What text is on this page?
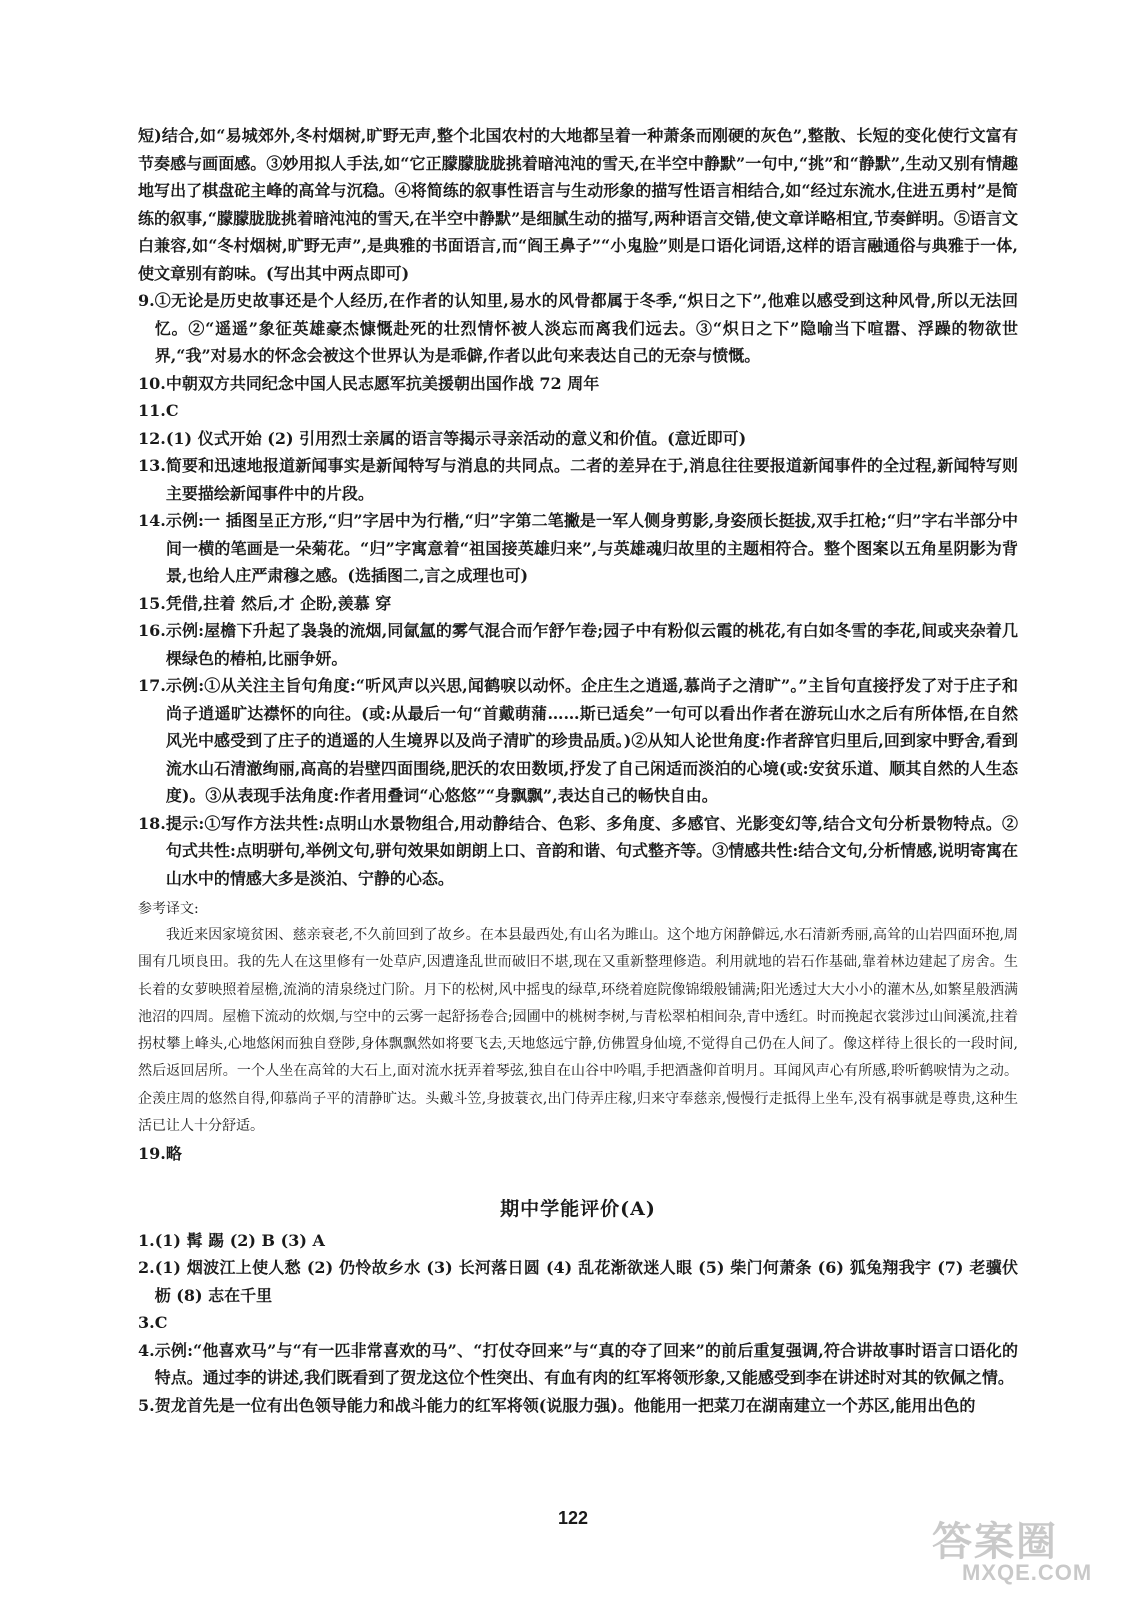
短)结合,如“易城郊外,冬村烟树,旷野无声,整个北国农村的大地都呈着一种萧条而刚硬的灰色”,整散、长短的变化使行文富有节奏感与画面感。③妙用拟人手法,如“它正朦朦胧胧挑着暗沌沌的雪天,在半空中静默”一句中,“挑”和“静默”,生动又别有情趣地写出了棋盘砣主峰的高耸与沉稳。④将简练的叙事性语言与生动形象的描写性语言相结合,如“经过东流水,住进五勇村”是简练的叙事,“朦朦胧胧挑着暗沌沌的雪天,在半空中静默”是细腻生动的描写,两种语言交错,使文章详略相宜,节奏鲜明。⑤语言文白兼容,如“冬村烟树,旷野无声”,是典雅的书面语言,而“阎王鼻子”“小鬼脸”则是口语化词语,这样的语言融通俗与典雅于一体,使文章别有韵味。(写出其中两点即可)

9. ①无论是历史故事还是个人经历,在作者的认知里,易水的风骨都属于冬季,“炽日之下”,他难以感受到这种风骨,所以无法回忆。②“遥遥”象征英雄豪杰慷慨赴死的壮烈情怀被人淡忘而离我们远去。③“炽日之下”隐喻当下喧嚣、浮躁的物欲世界,“我”对易水的怀念会被这个世界认为是乖僻,作者以此句来表达自己的无奈与愤慨。
10. 中朝双方共同纪念中国人民志愿军抗美援朝出国作战 72 周年
11. C
12. (1) 仪式开始 (2) 引用烈士亲属的语言等揭示寻亲活动的意义和价值。(意近即可)
13. 简要和迅速地报道新闻事实是新闻特写与消息的共同点。二者的差异在于,消息往往要报道新闻事件的全过程,新闻特写则主要描绘新闻事件中的片段。
14. 示例:一 插图呈正方形,“归”字居中为行楷,“归”字第二笔撇是一军人侧身剪影,身姿颀长挺拔,双手扛枪;“归”字右半部分中间一横的笔画是一朵菊花。“归”字寓意着“祖国接英雄归来”,与英雄魂归故里的主题相符合。整个图案以五角星阴影为背景,也给人庄严肃穆之感。(选插图二,言之成理也可)
15. 凭借,拄着 然后,才 企盼,羡慕 穿
16. 示例:屋檐下升起了袅袅的流烟,同氤氲的雾气混合而乍舒乍卷;园子中有粉似云霞的桃花,有白如冬雪的李花,间或夹杂着几棵绿色的椿柏,比丽争妍。
17. 示例:①从关注主旨句角度:“听风声以兴思,闻鹤唳以动怀。企庄生之逍遥,慕尚子之清旷”。”主旨句直接抒发了对于庄子和尚子逍遥旷达襟怀的向往。(或:从最后一句“首戴萌蒲……斯已适矣”一句可以看出作者在游玩山水之后有所体悟,在自然风光中感受到了庄子的逍遥的人生境界以及尚子清旷的珍贵品质。)②从知人论世角度:作者辞官归里后,回到家中野舍,看到流水山石清澈绚丽,高高的岩壁四面围绕,肥沃的农田数顷,抒发了自己闲适而淡泊的心境(或:安贫乐道、顺其自然的人生态度)。③从表现手法角度:作者用叠词“心悠悠”“身飘飘”,表达自己的畅快自由。
18. 提示:①写作方法共性:点明山水景物组合,用动静结合、色彩、多角度、多感官、光影变幻等,结合文句分析景物特点。②句式共性:点明骈句,举例文句,骈句效果如朗朗上口、音韵和谐、句式整齐等。③情感共性:结合文句,分析情感,说明寄寓在山水中的情感大多是淡泊、宁静的心态。
参考译文:

我近来因家境贫困、慈亲衰老,不久前回到了故乡。在本县最西处,有山名为雎山。这个地方闲静僻远,水石清新秀丽,高耸的山岩四面环抱,周围有几顷良田。我的先人在这里修有一处草庐,因遭逢乱世而破旧不堪,现在又重新整理修造。利用就地的岩石作基础,靠着林边建起了房舍。生长着的女萝映照着屋檐,流淌的清泉绕过门阶。月下的松树,风中摇曳的绿草,环绕着庭院像锦缎般铺满;阳光透过大大小小的灌木丛,如繁星般洒满池沼的四周。屋檐下流动的炊烟,与空中的云雾一起舒扬卷合;园圃中的桃树李树,与青松翠柏相间杂,青中透红。时而挽起衣裳涉过山间溪流,拄着拐杖攀上峰头,心地悠闲而独自登陟,身体飘飘然如将要飞去,天地悠远宁静,仿佛置身仙境,不觉得自己仍在人间了。像这样待上很长的一段时间,然后返回居所。一个人坐在高耸的大石上,面对流水抚弄着琴弦,独自在山谷中吟唱,手把酒盏仰首明月。耳闻风声心有所感,聆听鹤唳情为之动。企羡庄周的悠然自得,仰慕尚子平的清静旷达。头戴斗笠,身披蓑衣,出门侍弄庄稼,归来守奉慈亲,慢慢行走抵得上坐车,没有祸事就是尊贵,这种生活已让人十分舒适。

19. 略
期中学能评价(A)
1. (1) 髯 踢 (2) B (3) A
2. (1) 烟波江上使人愁 (2) 仍怜故乡水 (3) 长河落日圆 (4) 乱花渐欲迷人眼 (5) 柴门何萧条 (6) 狐兔翔我宇 (7) 老骥伏枥 (8) 志在千里
3. C
4. 示例:“他喜欢马”与“有一匹非常喜欢的马”、“打仗夺回来”与“真的夺了回来”的前后重复强调,符合讲故事时语言口语化的特点。通过李的讲述,我们既看到了贺龙这位个性突出、有血有肉的红军将领形象,又能感受到李在讲述时对其的钦佩之情。
5. 贺龙首先是一位有出色领导能力和战斗能力的红军将领(说服力强)。他能用一把菜刀在湖南建立一个苏区,能用出色的
122
答案圈
MXQE.COM
